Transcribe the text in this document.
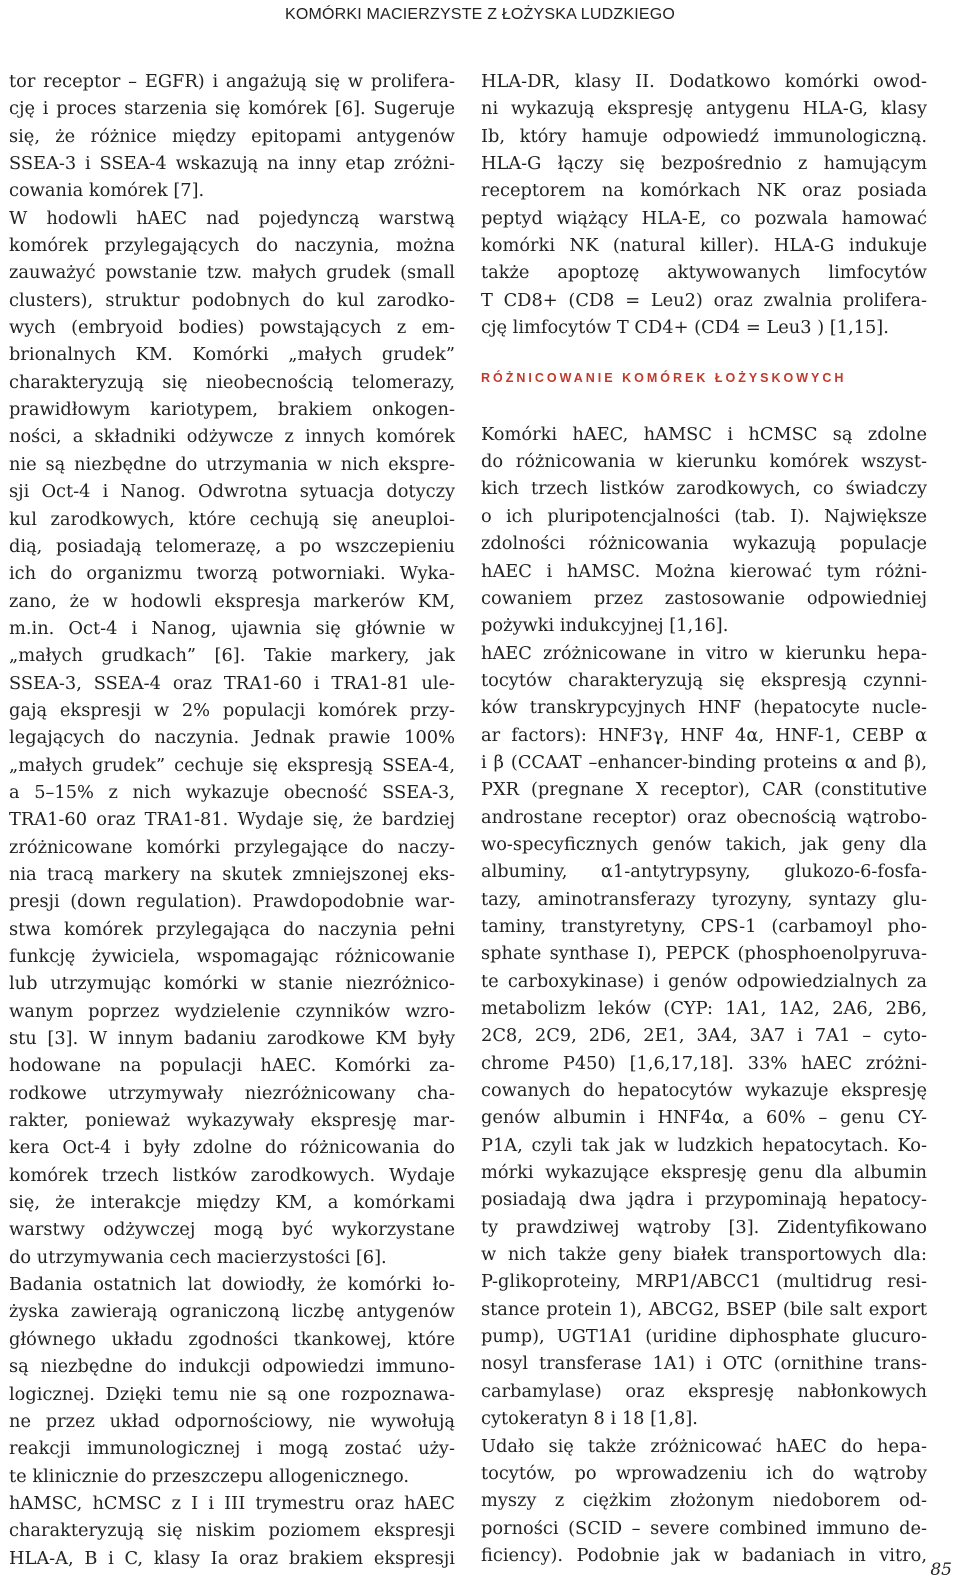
KOMÓRKI MACIERZYSTE Z ŁOŻYSKA LUDZKIEGO

tor receptor – EGFR) i angażują się w prolifera-
cję i proces starzenia się komórek [6]. Sugeruje
się, że różnice między epitopami antygenów
SSEA-3 i SSEA-4 wskazują na inny etap zróżni-
cowania komórek [7].
W hodowli hAEC nad pojedynczą warstwą
komórek przylegających do naczynia, można
zauważyć powstanie tzw. małych grudek (small
clusters), struktur podobnych do kul zarodko-
wych (embryoid bodies) powstających z em-
brionalnych KM. Komórki „małych grudek”
charakteryzują się nieobecnością telomerazy,
prawidłowym kariotypem, brakiem onkogen-
ności, a składniki odżywcze z innych komórek
nie są niezbędne do utrzymania w nich ekspre-
sji Oct-4 i Nanog. Odwrotna sytuacja dotyczy
kul zarodkowych, które cechują się aneuploi-
dią, posiadają telomerazę, a po wszczepieniu
ich do organizmu tworzą potworniaki. Wyka-
zano, że w hodowli ekspresja markerów KM,
m.in. Oct-4 i Nanog, ujawnia się głównie w
„małych grudkach” [6]. Takie markery, jak
SSEA-3, SSEA-4 oraz TRA1-60 i TRA1-81 ule-
gają ekspresji w 2% populacji komórek przy-
legających do naczynia. Jednak prawie 100%
„małych grudek” cechuje się ekspresją SSEA-4,
a 5–15% z nich wykazuje obecność SSEA-3,
TRA1-60 oraz TRA1-81. Wydaje się, że bardziej
zróżnicowane komórki przylegające do naczy-
nia tracą markery na skutek zmniejszonej eks-
presji (down regulation). Prawdopodobnie war-
stwa komórek przylegająca do naczynia pełni
funkcję żywiciela, wspomagając różnicowanie
lub utrzymując komórki w stanie niezróżnico-
wanym poprzez wydzielenie czynników wzro-
stu [3]. W innym badaniu zarodkowe KM były
hodowane na populacji hAEC. Komórki za-
rodkowe utrzymywały niezróżnicowany cha-
rakter, ponieważ wykazywały ekspresję mar-
kera Oct-4 i były zdolne do różnicowania do
komórek trzech listków zarodkowych. Wydaje
się, że interakcje między KM, a komórkami
warstwy odżywczej mogą być wykorzystane
do utrzymywania cech macierzystości [6].
Badania ostatnich lat dowiodły, że komórki ło-
żyska zawierają ograniczoną liczbę antygenów
głównego układu zgodności tkankowej, które
są niezbędne do indukcji odpowiedzi immuno-
logicznej. Dzięki temu nie są one rozpoznawa-
ne przez układ odpornościowy, nie wywołują
reakcji immunologicznej i mogą zostać uży-
te klinicznie do przeszczepu allogenicznego.
hAMSC, hCMSC z I i III trymestru oraz hAEC
charakteryzują się niskim poziomem ekspresji
HLA-A, B i C, klasy Ia oraz brakiem ekspresji

HLA-DR, klasy II. Dodatkowo komórki owod-
ni wykazują ekspresję antygenu HLA-G, klasy
Ib, który hamuje odpowiedź immunologiczną.
HLA-G łączy się bezpośrednio z hamującym
receptorem na komórkach NK oraz posiada
peptyd wiążący HLA-E, co pozwala hamować
komórki NK (natural killer). HLA-G indukuje
także apoptozę aktywowanych limfocytów
T CD8+ (CD8 = Leu2) oraz zwalnia prolifera-
cję limfocytów T CD4+ (CD4 = Leu3 ) [1,15].

RÓŻNICOWANIE KOMÓREK ŁOŻYSKOWYCH

Komórki hAEC, hAMSC i hCMSC są zdolne
do różnicowania w kierunku komórek wszyst-
kich trzech listków zarodkowych, co świadczy
o ich pluripotencjalności (tab. I). Największe
zdolności różnicowania wykazują populacje
hAEC i hAMSC. Można kierować tym różni-
cowaniem przez zastosowanie odpowiedniej
pożywki indukcyjnej [1,16].
hAEC zróżnicowane in vitro w kierunku hepa-
tocytów charakteryzują się ekspresją czynni-
ków transkrypcyjnych HNF (hepatocyte nucle-
ar factors): HNF3γ, HNF 4α, HNF-1, CEBP α
i β (CCAAT –enhancer-binding proteins α and β),
PXR (pregnane X receptor), CAR (constitutive
androstane receptor) oraz obecnością wątrobo-
wo-specyficznych genów takich, jak geny dla
albuminy, α1-antytrypsyny, glukozo-6-fosfa-
tazy, aminotransferazy tyrozyny, syntazy glu-
taminy, transtyretyny, CPS-1 (carbamoyl pho-
sphate synthase I), PEPCK (phosphoenolpyruva-
te carboxykinase) i genów odpowiedzialnych za
metabolizm leków (CYP: 1A1, 1A2, 2A6, 2B6,
2C8, 2C9, 2D6, 2E1, 3A4, 3A7 i 7A1 – cyto-
chrome P450) [1,6,17,18]. 33% hAEC zróżni-
cowanych do hepatocytów wykazuje ekspresję
genów albumin i HNF4α, a 60% – genu CY-
P1A, czyli tak jak w ludzkich hepatocytach. Ko-
mórki wykazujące ekspresję genu dla albumin
posiadają dwa jądra i przypominają hepatocy-
ty prawdziwej wątroby [3]. Zidentyfikowano
w nich także geny białek transportowych dla:
P-glikoproteiny, MRP1/ABCC1 (multidrug resi-
stance protein 1), ABCG2, BSEP (bile salt export
pump), UGT1A1 (uridine diphosphate glucuro-
nosyl transferase 1A1) i OTC (ornithine trans-
carbamylase) oraz ekspresję nabłonkowych
cytokeratyn 8 i 18 [1,8].
Udało się także zróżnicować hAEC do hepa-
tocytów, po wprowadzeniu ich do wątroby
myszy z ciężkim złożonym niedoborem od-
porności (SCID – severe combined immuno de-
ficiency). Podobnie jak w badaniach in vitro,

85
